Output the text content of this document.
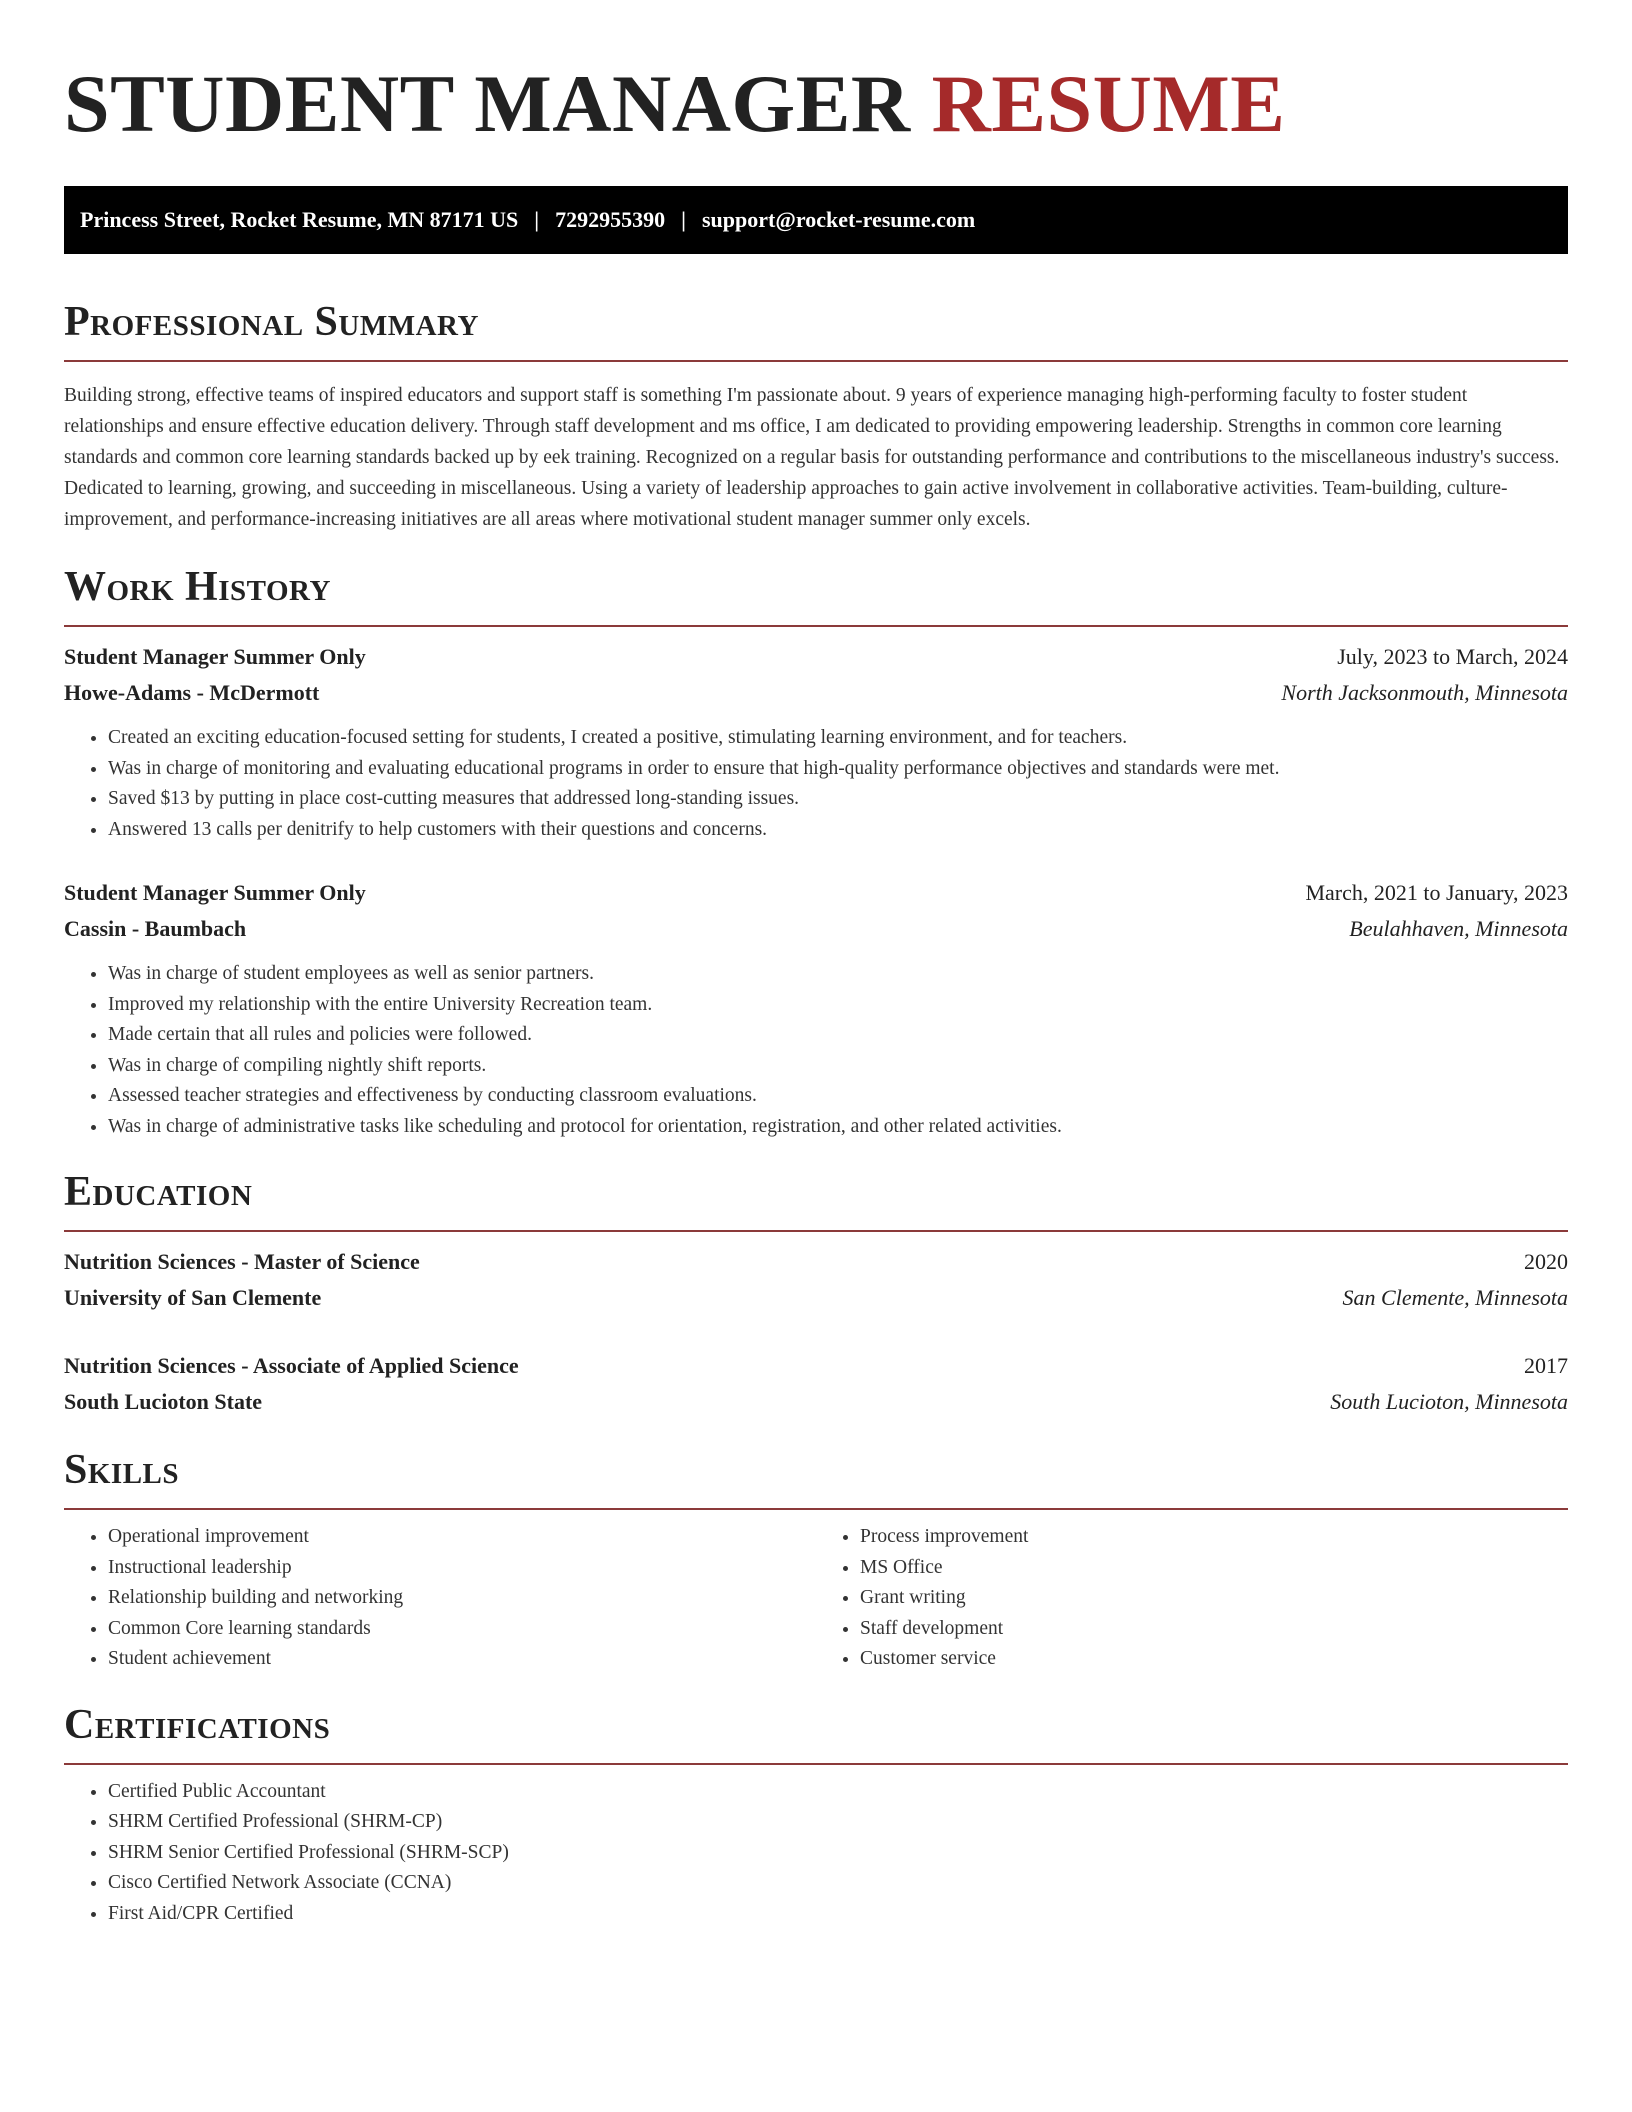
STUDENT MANAGER RESUME
Princess Street, Rocket Resume, MN 87171 US | 7292955390 | support@rocket-resume.com
Professional Summary

Building strong, effective teams of inspired educators and support staff is something I'm passionate about. 9 years of experience managing high-performing faculty to foster student relationships and ensure effective education delivery. Through staff development and ms office, I am dedicated to providing empowering leadership. Strengths in common core learning standards and common core learning standards backed up by eek training. Recognized on a regular basis for outstanding performance and contributions to the miscellaneous industry's success. Dedicated to learning, growing, and succeeding in miscellaneous. Using a variety of leadership approaches to gain active involvement in collaborative activities. Team-building, culture-improvement, and performance-increasing initiatives are all areas where motivational student manager summer only excels.

Work History
Student Manager Summer Only	July, 2023 to March, 2024
Howe-Adams - McDermott	North Jacksonmouth, Minnesota
• Created an exciting education-focused setting for students, I created a positive, stimulating learning environment, and for teachers.
• Was in charge of monitoring and evaluating educational programs in order to ensure that high-quality performance objectives and standards were met.
• Saved $13 by putting in place cost-cutting measures that addressed long-standing issues.
• Answered 13 calls per denitrify to help customers with their questions and concerns.
Student Manager Summer Only	March, 2021 to January, 2023
Cassin - Baumbach	Beulahhaven, Minnesota
• Was in charge of student employees as well as senior partners.
• Improved my relationship with the entire University Recreation team.
• Made certain that all rules and policies were followed.
• Was in charge of compiling nightly shift reports.
• Assessed teacher strategies and effectiveness by conducting classroom evaluations.
• Was in charge of administrative tasks like scheduling and protocol for orientation, registration, and other related activities.
Education
Nutrition Sciences - Master of Science	2020
University of San Clemente	San Clemente, Minnesota
Nutrition Sciences - Associate of Applied Science	2017
South Lucioton State	South Lucioton, Minnesota
Skills
• Operational improvement
• Instructional leadership
• Relationship building and networking
• Common Core learning standards
• Student achievement
• Process improvement
• MS Office
• Grant writing
• Staff development
• Customer service
Certifications
• Certified Public Accountant
• SHRM Certified Professional (SHRM-CP)
• SHRM Senior Certified Professional (SHRM-SCP)
• Cisco Certified Network Associate (CCNA)
• First Aid/CPR Certified
